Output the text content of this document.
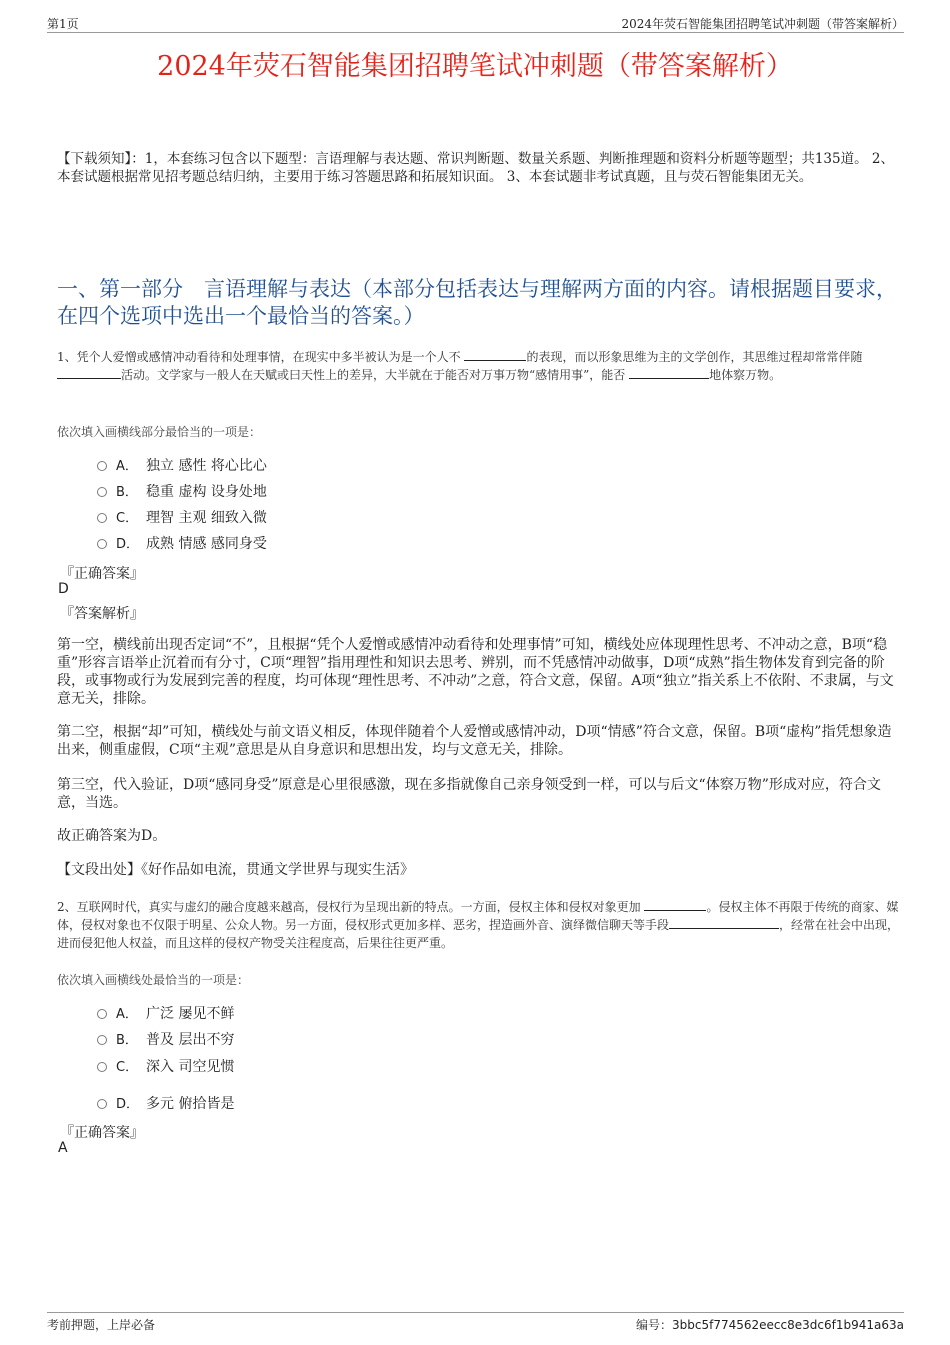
第1页	2024年荧石智能集团招聘笔试冲刺题（带答案解析）
2024年荧石智能集团招聘笔试冲刺题（带答案解析）
【下载须知】：1，本套练习包含以下题型：言语理解与表达题、常识判断题、数量关系题、判断推理题和资料分析题等题型；共135道。 2、本套试题根据常见招考题总结归纳，主要用于练习答题思路和拓展知识面。 3、本套试题非考试真题，且与荧石智能集团无关。
一、第一部分　言语理解与表达（本部分包括表达与理解两方面的内容。请根据题目要求，在四个选项中选出一个最恰当的答案。）
1、凭个人爱憎或感情冲动看待和处理事情，在现实中多半被认为是一个人不	的表现，而以形象思维为主的文学创作，其思维过程却常常伴随 活动。文学家与一般人在天赋或曰天性上的差异，大半就在于能否对万事万物“感情用事”，能否	地体察万物。
依次填入画横线部分最恰当的一项是：
A． 独立 感性 将心比心
B． 稳重 虚构 设身处地
C． 理智 主观 细致入微
D． 成熟 情感 感同身受
『正确答案』
D
『答案解析』
第一空，横线前出现否定词“不”，且根据“凭个人爱憎或感情冲动看待和处理事情”可知，横线处应体现理性思考、不冲动之意，B项“稳重”形容言语举止沉着而有分寸，C项“理智”指用理性和知识去思考、辨别，而不凭感情冲动做事，D项“成熟”指生物体发育到完备的阶段，或事物或行为发展到完善的程度，均可体现“理性思考、不冲动”之意，符合文意，保留。A项“独立”指关系上不依附、不隶属，与文意无关，排除。
第二空，根据“却”可知，横线处与前文语义相反，体现伴随着个人爱憎或感情冲动，D项“情感”符合文意，保留。B项“虚构”指凭想象造出来，侧重虚假，C项“主观”意思是从自身意识和思想出发，均与文意无关，排除。
第三空，代入验证，D项“感同身受”原意是心里很感激，现在多指就像自己亲身领受到一样，可以与后文“体察万物”形成对应，符合文意，当选。
故正确答案为D。
【文段出处】《好作品如电流，贯通文学世界与现实生活》
2、互联网时代，真实与虚幻的融合度越来越高，侵权行为呈现出新的特点。一方面，侵权主体和侵权对象更加	。侵权主体不再限于传统的商家、媒体，侵权对象也不仅限于明星、公众人物。另一方面，侵权形式更加多样、恶劣，捏造画外音、演绎微信聊天等手段	，经常在社会中出现，进而侵犯他人权益，而且这样的侵权产物受关注程度高，后果往往更严重。
依次填入画横线处最恰当的一项是：
A． 广泛 屡见不鲜
B． 普及 层出不穷
C． 深入 司空见惯
D． 多元 俯拾皆是
『正确答案』
A
考前押题，上岸必备	编号：3bbc5f774562eecc8e3dc6f1b941a63a
